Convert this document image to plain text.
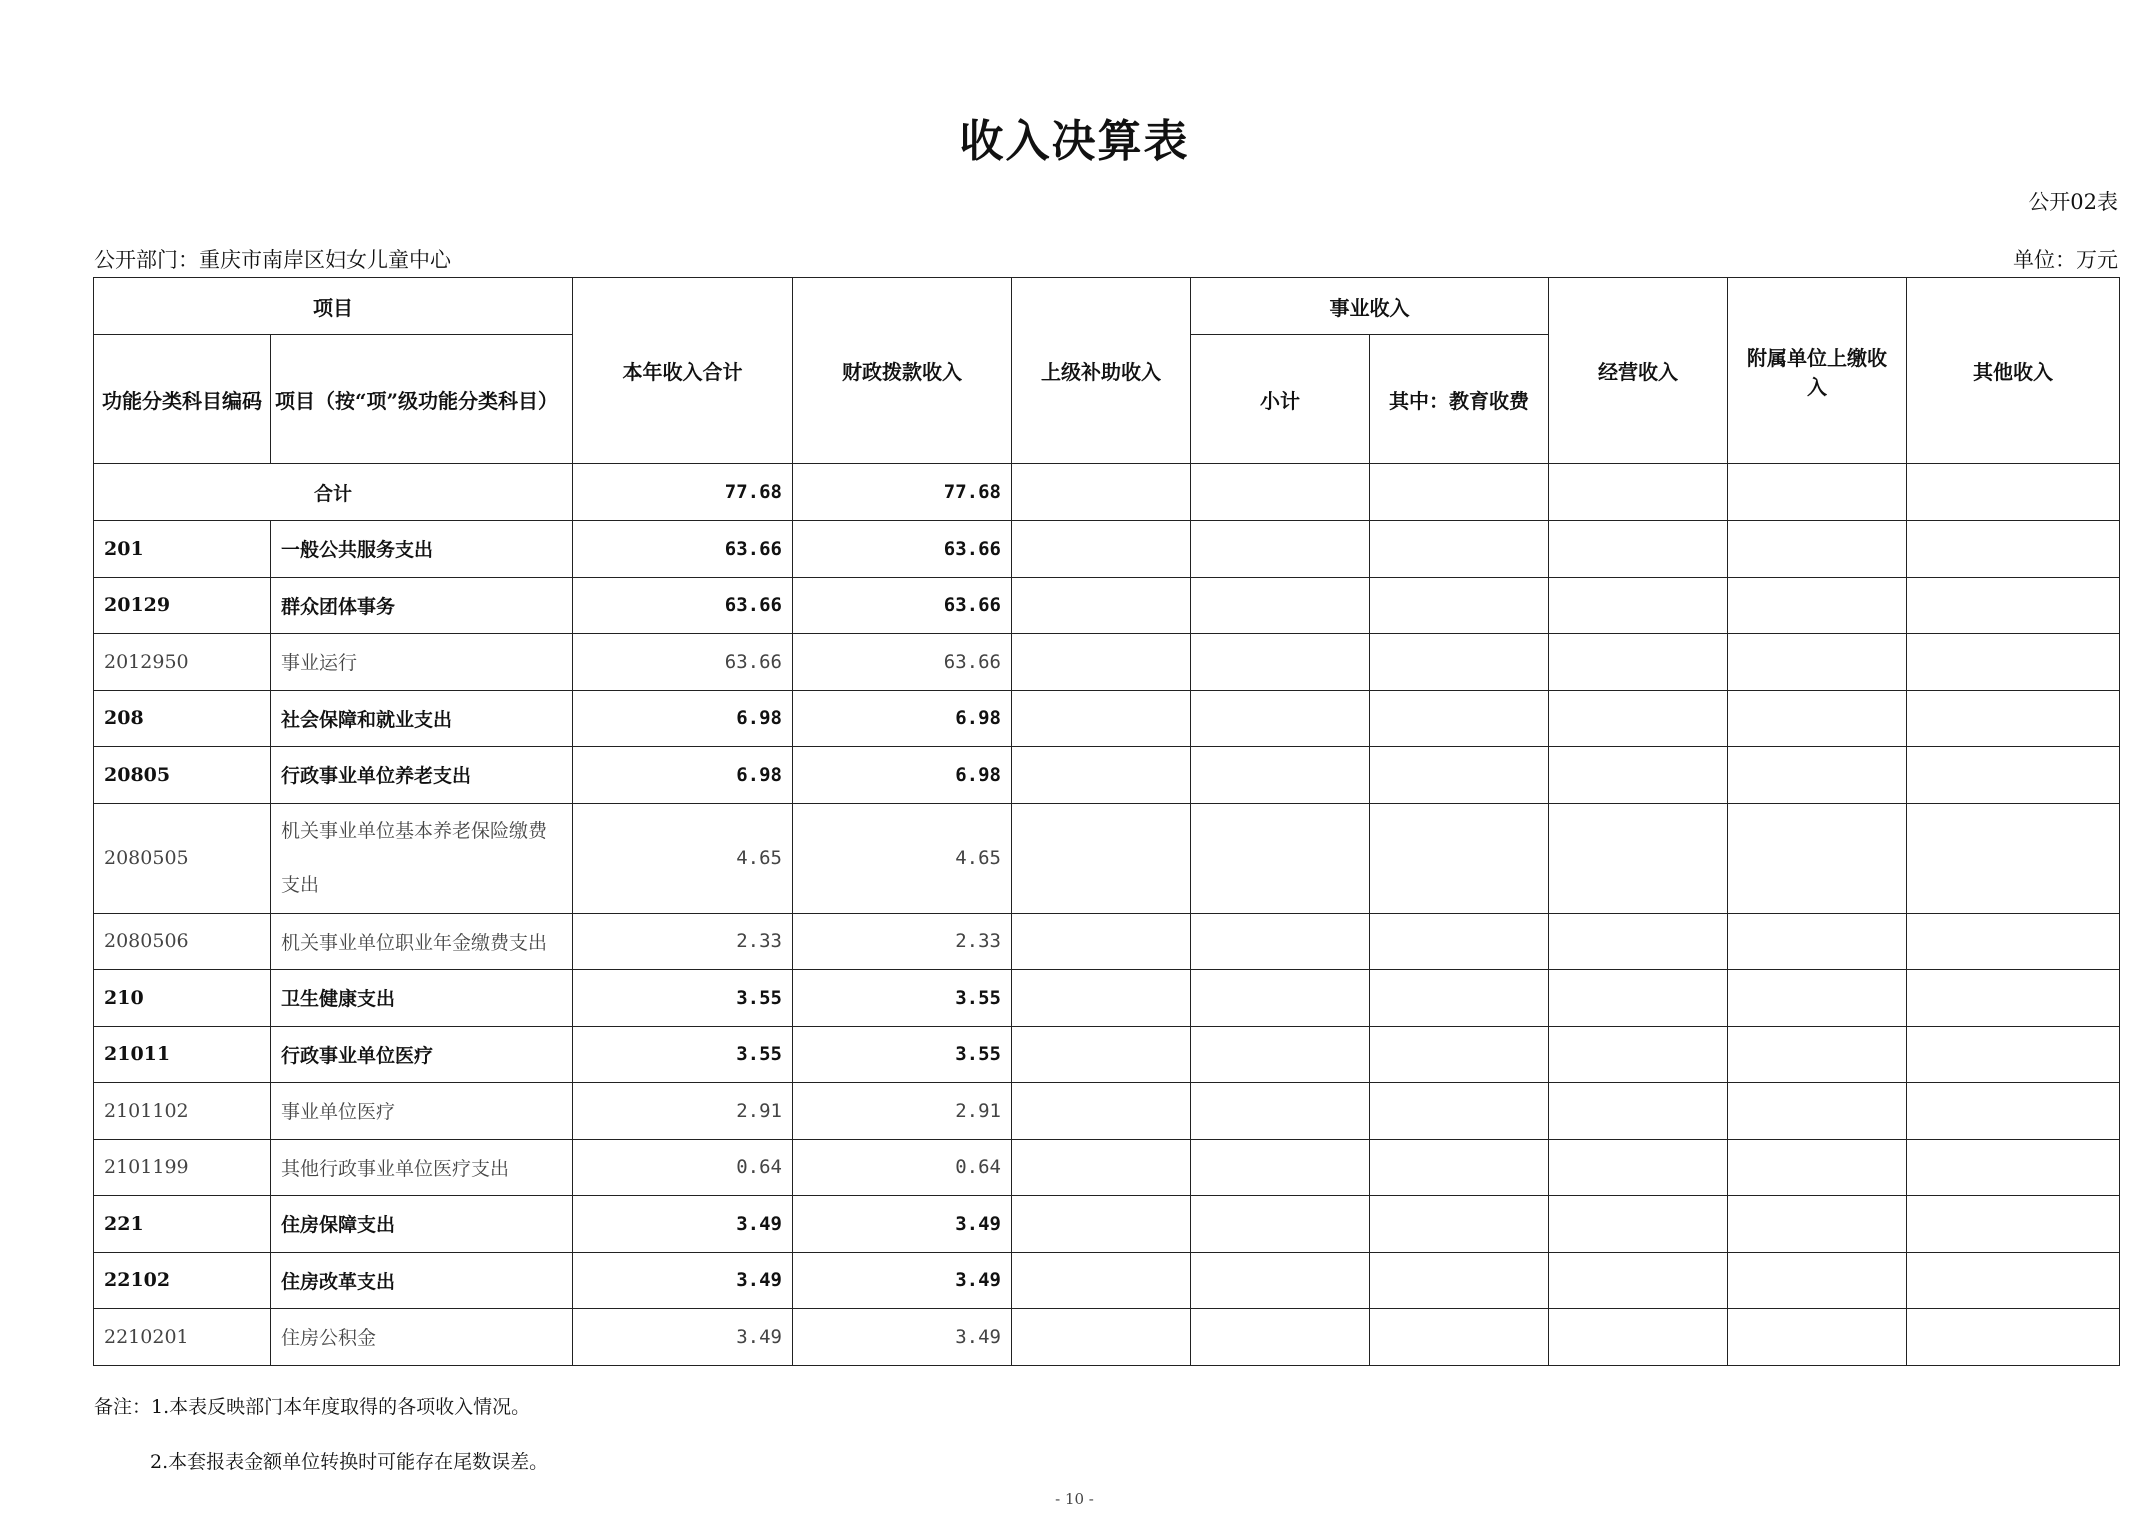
收入决算表
公开02表
公开部门：重庆市南岸区妇女儿童中心	单位：万元
项目		本年收入合计	财政拨款收入	上级补助收入	事业收入		经营收入	附属单位上缴收入	其他收入
功能分类科目编码	项目（按“项”级功能分类科目）				小计	其中：教育收费			
合计		77.68	77.68						
201	一般公共服务支出	63.66	63.66						
20129	群众团体事务	63.66	63.66						
2012950	事业运行	63.66	63.66						
208	社会保障和就业支出	6.98	6.98						
20805	行政事业单位养老支出	6.98	6.98						
2080505	机关事业单位基本养老保险缴费支出	4.65	4.65						
2080506	机关事业单位职业年金缴费支出	2.33	2.33						
210	卫生健康支出	3.55	3.55						
21011	行政事业单位医疗	3.55	3.55						
2101102	事业单位医疗	2.91	2.91						
2101199	其他行政事业单位医疗支出	0.64	0.64						
221	住房保障支出	3.49	3.49						
22102	住房改革支出	3.49	3.49						
2210201	住房公积金	3.49	3.49						
备注：1.本表反映部门本年度取得的各项收入情况。
2.本套报表金额单位转换时可能存在尾数误差。
- 10 -
